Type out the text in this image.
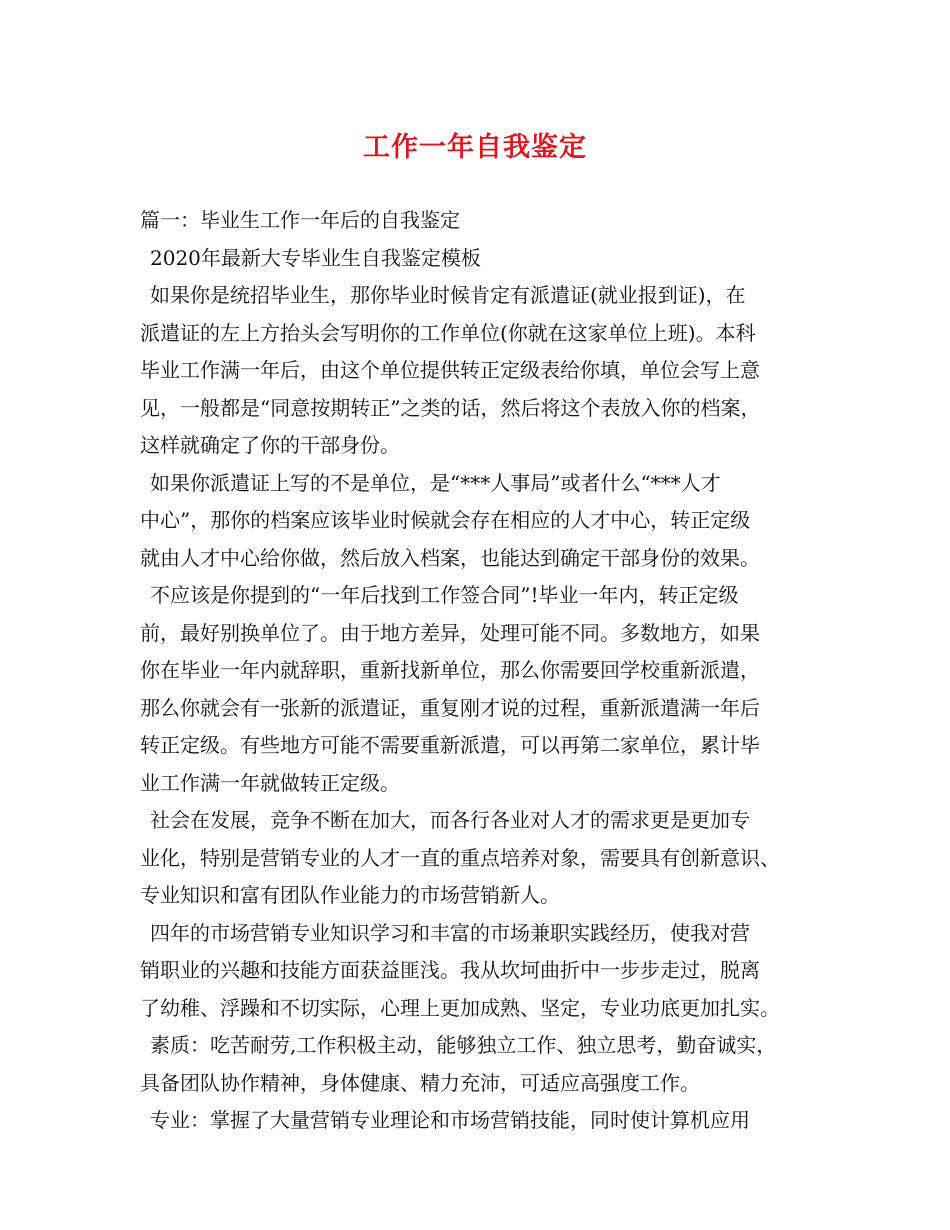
工作一年自我鉴定
篇一：毕业生工作一年后的自我鉴定
2020年最新大专毕业生自我鉴定模板
如果你是统招毕业生，那你毕业时候肯定有派遣证(就业报到证)，在
派遣证的左上方抬头会写明你的工作单位(你就在这家单位上班)。本科
毕业工作满一年后，由这个单位提供转正定级表给你填，单位会写上意
见，一般都是“同意按期转正”之类的话，然后将这个表放入你的档案，
这样就确定了你的干部身份。
如果你派遣证上写的不是单位，是“***人事局”或者什么“***人才
中心”，那你的档案应该毕业时候就会存在相应的人才中心，转正定级
就由人才中心给你做，然后放入档案，也能达到确定干部身份的效果。
不应该是你提到的“一年后找到工作签合同”!毕业一年内，转正定级
前，最好别换单位了。由于地方差异，处理可能不同。多数地方，如果
你在毕业一年内就辞职，重新找新单位，那么你需要回学校重新派遣，
那么你就会有一张新的派遣证，重复刚才说的过程，重新派遣满一年后
转正定级。有些地方可能不需要重新派遣，可以再第二家单位，累计毕
业工作满一年就做转正定级。
社会在发展，竞争不断在加大，而各行各业对人才的需求更是更加专
业化，特别是营销专业的人才一直的重点培养对象，需要具有创新意识、
专业知识和富有团队作业能力的市场营销新人。
四年的市场营销专业知识学习和丰富的市场兼职实践经历，使我对营
销职业的兴趣和技能方面获益匪浅。我从坎坷曲折中一步步走过，脱离
了幼稚、浮躁和不切实际，心理上更加成熟、坚定，专业功底更加扎实。
素质：吃苦耐劳,工作积极主动，能够独立工作、独立思考，勤奋诚实，
具备团队协作精神，身体健康、精力充沛，可适应高强度工作。
专业：掌握了大量营销专业理论和市场营销技能，同时使计算机应用
